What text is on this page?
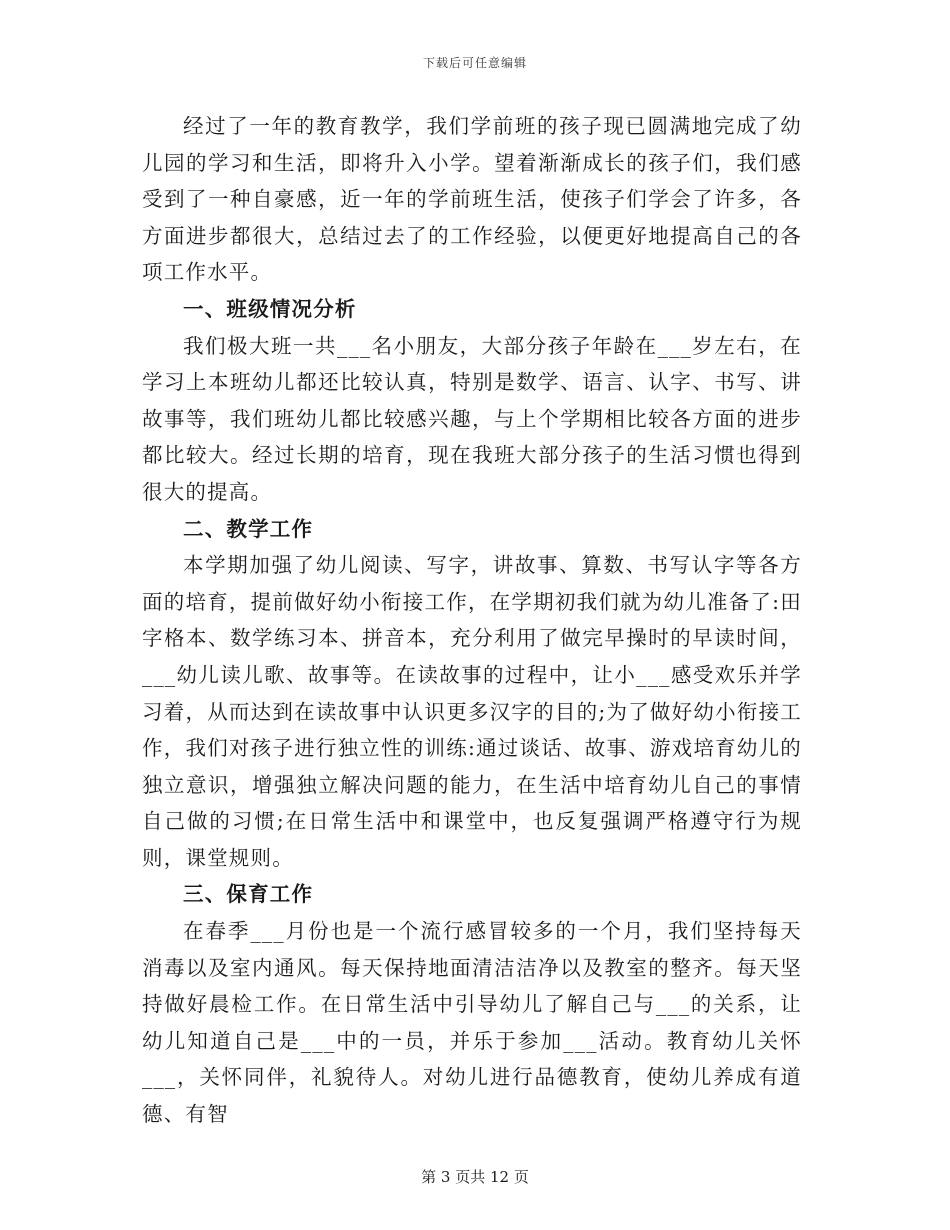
下载后可任意编辑

经过了一年的教育教学，我们学前班的孩子现已圆满地完成了幼儿园的学习和生活，即将升入小学。望着渐渐成长的孩子们，我们感受到了一种自豪感，近一年的学前班生活，使孩子们学会了许多，各方面进步都很大，总结过去了的工作经验，以便更好地提高自己的各项工作水平。

一、班级情况分析

我们极大班一共___名小朋友，大部分孩子年龄在___岁左右，在学习上本班幼儿都还比较认真，特别是数学、语言、认字、书写、讲故事等，我们班幼儿都比较感兴趣，与上个学期相比较各方面的进步都比较大。经过长期的培育，现在我班大部分孩子的生活习惯也得到很大的提高。

二、教学工作

本学期加强了幼儿阅读、写字，讲故事、算数、书写认字等各方面的培育，提前做好幼小衔接工作，在学期初我们就为幼儿准备了:田字格本、数学练习本、拼音本，充分利用了做完早操时的早读时间，___幼儿读儿歌、故事等。在读故事的过程中，让小___感受欢乐并学习着，从而达到在读故事中认识更多汉字的目的;为了做好幼小衔接工作，我们对孩子进行独立性的训练:通过谈话、故事、游戏培育幼儿的独立意识，增强独立解决问题的能力，在生活中培育幼儿自己的事情自己做的习惯;在日常生活中和课堂中，也反复强调严格遵守行为规则，课堂规则。

三、保育工作

在春季___月份也是一个流行感冒较多的一个月，我们坚持每天消毒以及室内通风。每天保持地面清洁洁净以及教室的整齐。每天坚持做好晨检工作。在日常生活中引导幼儿了解自己与___的关系，让幼儿知道自己是___中的一员，并乐于参加___活动。教育幼儿关怀___，关怀同伴，礼貌待人。对幼儿进行品德教育，使幼儿养成有道德、有智

第 3 页共 12 页
